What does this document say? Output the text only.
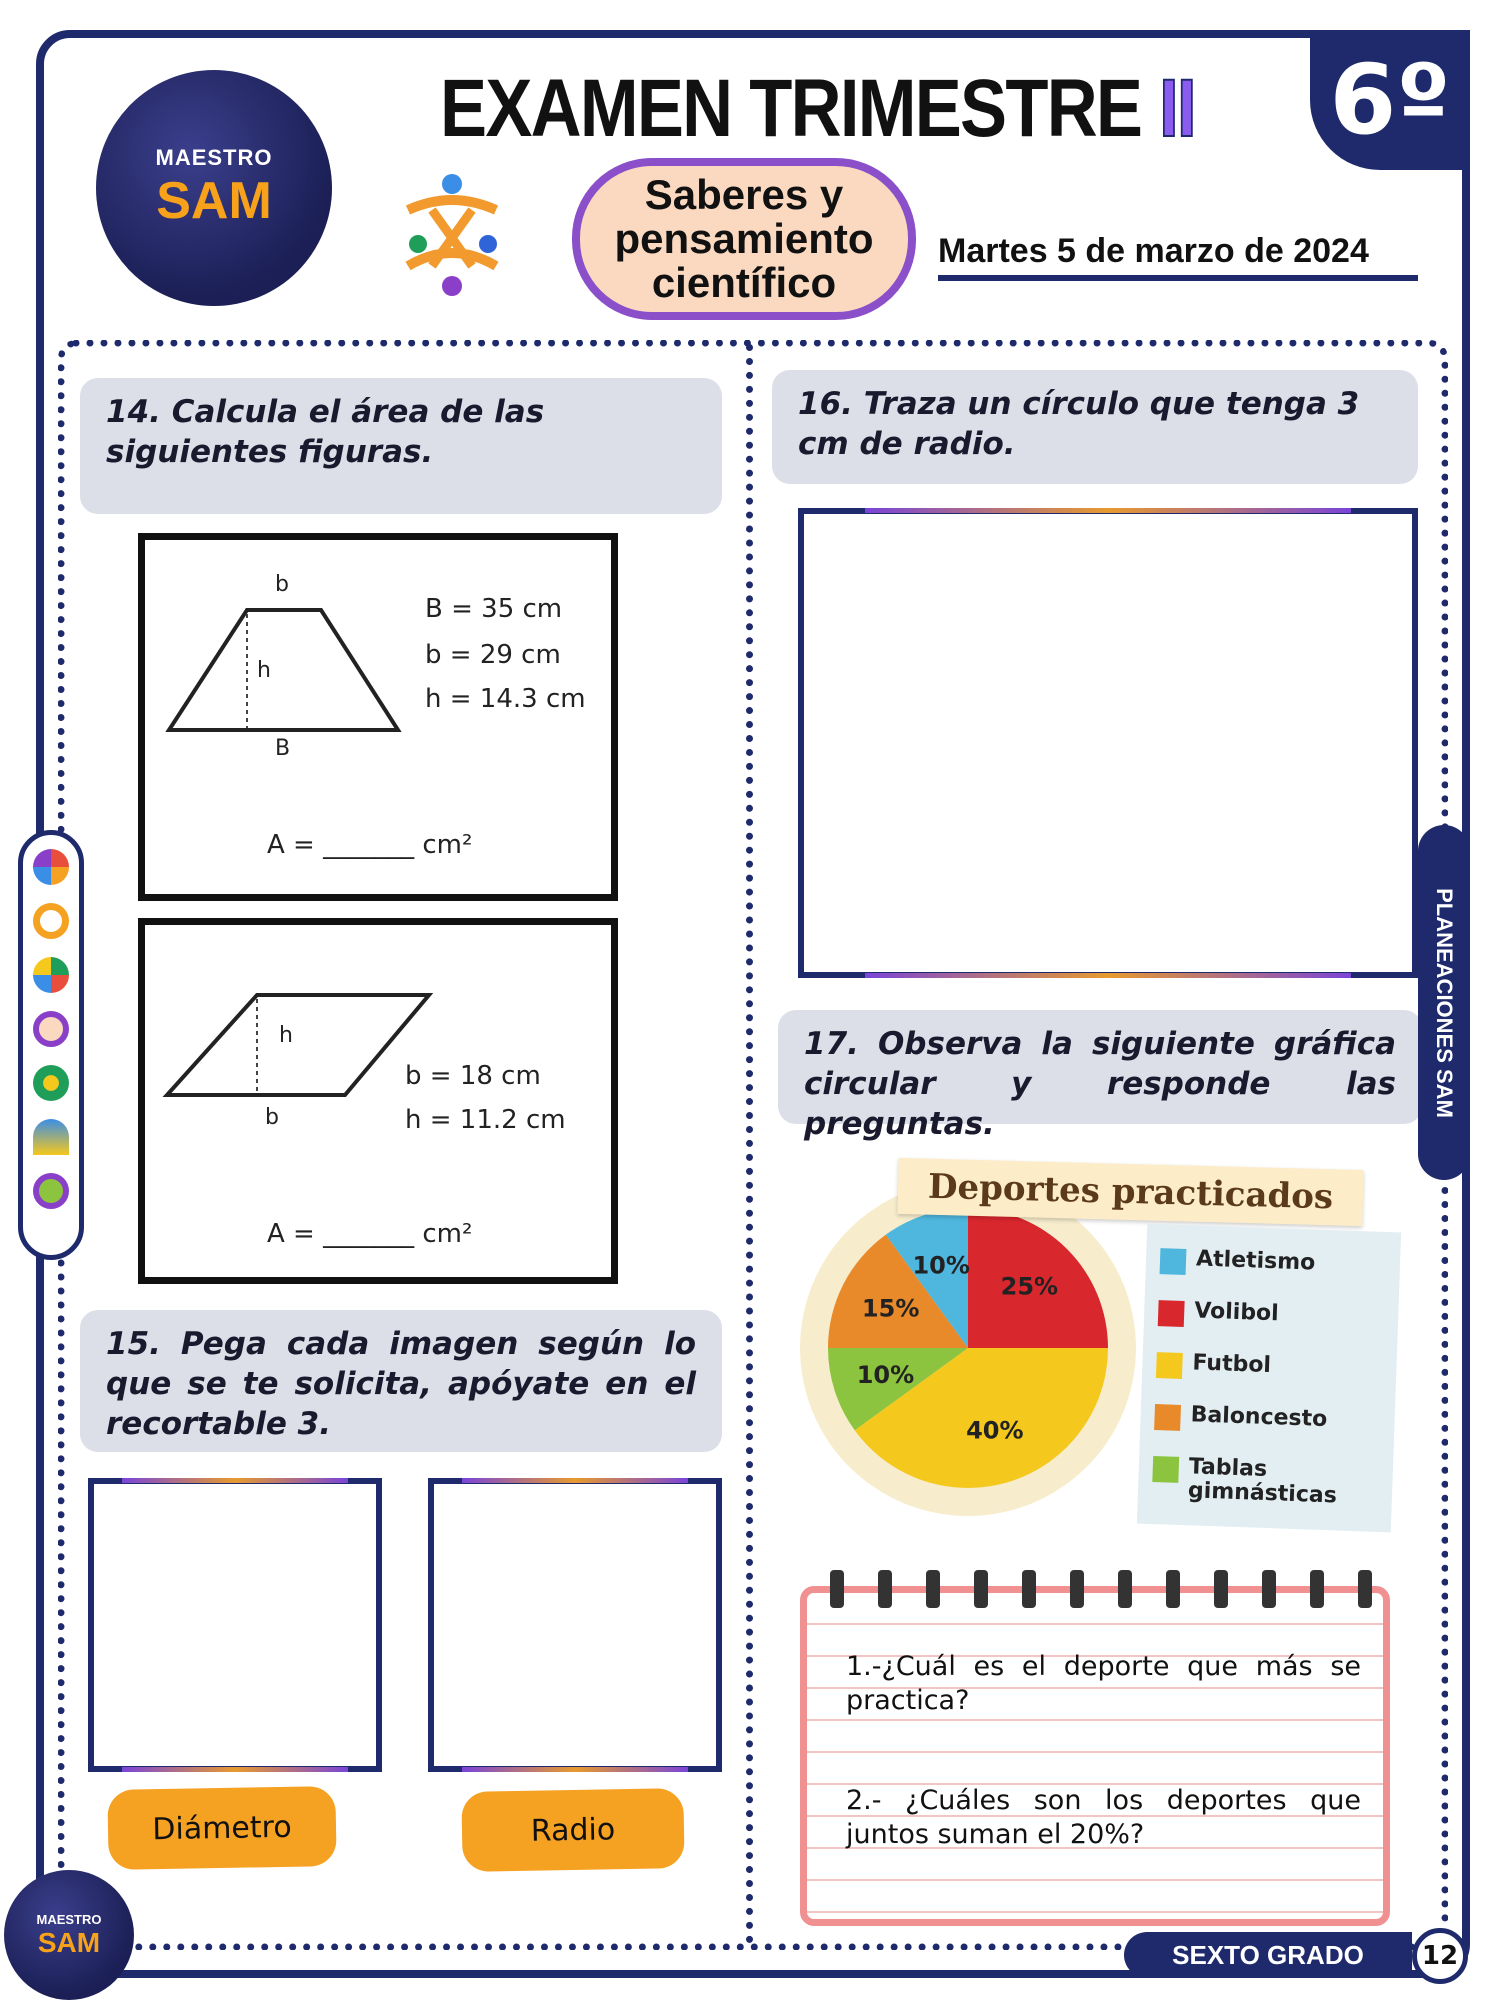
6º
MAESTRO
SAM
EXAMEN TRIMESTRE II
Saberes y pensamiento científico
Martes 5 de marzo de 2024
14. Calcula el área de las siguientes figuras.
b
h
B
B = 35 cm
b = 29 cm
h = 14.3 cm
A = _______ cm²
h
b
b = 18 cm
h = 11.2 cm
A = _______ cm²
15. Pega cada imagen según lo que se te solicita, apóyate en el recortable 3.
Diámetro	Radio
16. Traza un círculo que tenga 3 cm de radio.
17. Observa la siguiente gráfica circular y responde las preguntas.
10%
25%
40%
10%
15%
Deportes practicados
Atletismo
Volibol
Futbol
Baloncesto
Tablas gimnásticas
1.-¿Cuál es el deporte que más se practica?
2.- ¿Cuáles son los deportes que juntos suman el 20%?
PLANEACIONES SAM
MAESTRO
SAM	SEXTO GRADO	12
